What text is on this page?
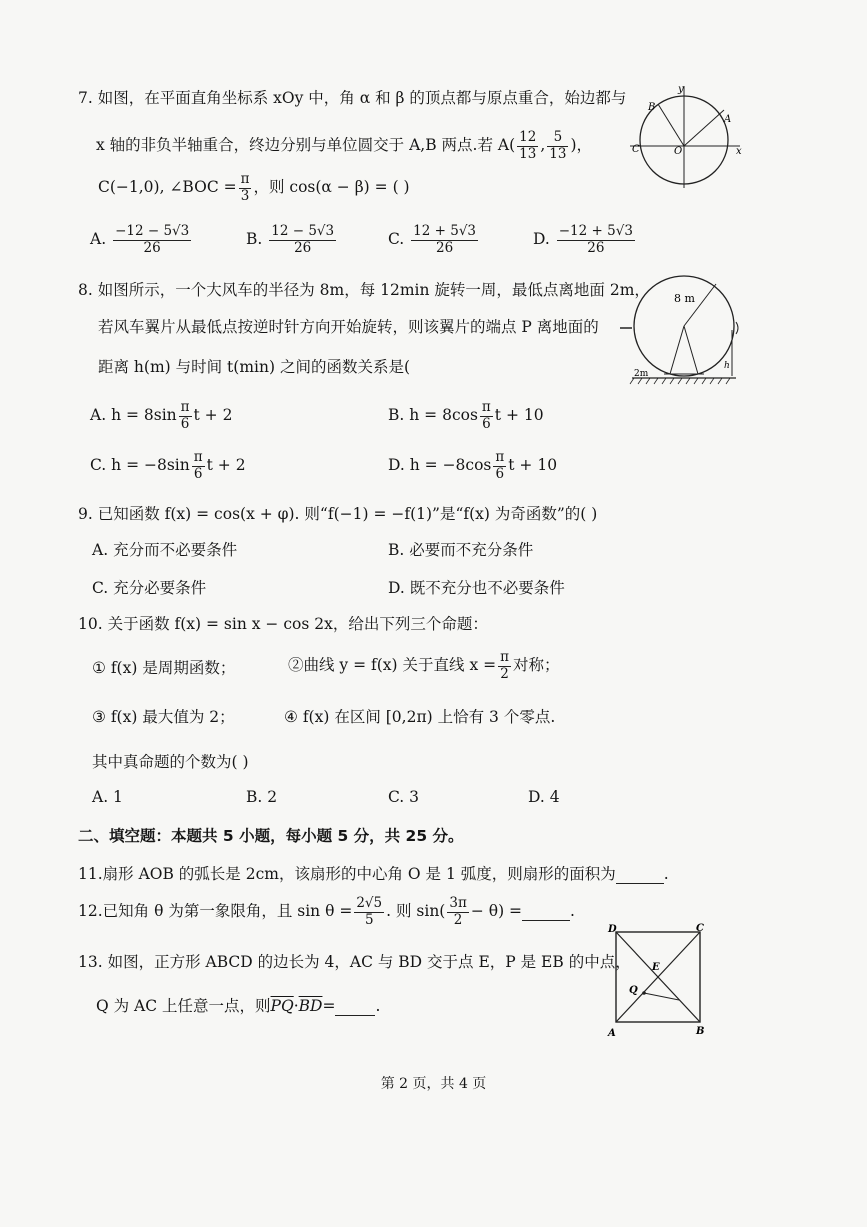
7. 如图，在平面直角坐标系 xOy 中，角 α 和 β 的顶点都与原点重合，始边都与
x 轴的非负半轴重合，终边分别与单位圆交于 A,B 两点.若 $A( \frac{12}{13}$ , $\frac{5}{13}$ )，
C(−1,0), ∠BOC = $\frac{\pi}{3}$ ，则 cos(α − β) = ( )
A. $\frac{-12 - 5√3}{26}$	B. $\frac{12 - 5√3}{26}$	C. $\frac{12 + 5√3}{26}$	D. $\frac{-12 + 5√3}{26}$
y
x
A
B
C	O
8. 如图所示，一个大风车的半径为 8m，每 12min 旋转一周，最低点离地面 2m，
若风车翼片从最低点按逆时针方向开始旋转，则该翼片的端点 P 离地面的
距离 h(m) 与时间 t(min) 之间的函数关系是(
A. $h = 8\sin \frac{\pi}{6}$ t + 2	B. $h = 8\cos \frac{\pi}{6}$ t + 10
C. $h = -8\sin \frac{\pi}{6}$ t + 2	D. $h = -8\cos \frac{\pi}{6}$ t + 10
8 m
2m
h
9. 已知函数 f(x) = cos(x + φ). 则“f(−1) = −f(1)”是“f(x) 为奇函数”的( )
A. 充分而不必要条件	B. 必要而不充分条件
C. 充分必要条件	D. 既不充分也不必要条件
10. 关于函数 f(x) = sin x − cos 2x，给出下列三个命题：
① f(x) 是周期函数；	②曲线 y = f(x) 关于直线 $x = \frac{\pi}{2}$ 对称；
③ f(x) 最大值为 2；	④ f(x) 在区间 [0,2π) 上恰有 3 个零点.
其中真命题的个数为( )
A. 1	B. 2	C. 3	D. 4
二、填空题：本题共 5 小题，每小题 5 分，共 25 分。
11.扇形 AOB 的弧长是 2cm，该扇形的中心角 O 是 1 弧度，则扇形的面积为	.
12.已知角 θ 为第一象限角，且 $\sin \theta = \frac{2√5}{5}$ . 则 $\sin( \frac{3\pi}{2} - \theta)$ =	.
13. 如图，正方形 ABCD 的边长为 4，AC 与 BD 交于点 E，P 是 EB 的中点，
Q 为 AC 上任意一点，则$\overline{PQ}\cdot\overline{BD}=$	.
D	C
A	B
E
Q
第 2 页，共 4 页
